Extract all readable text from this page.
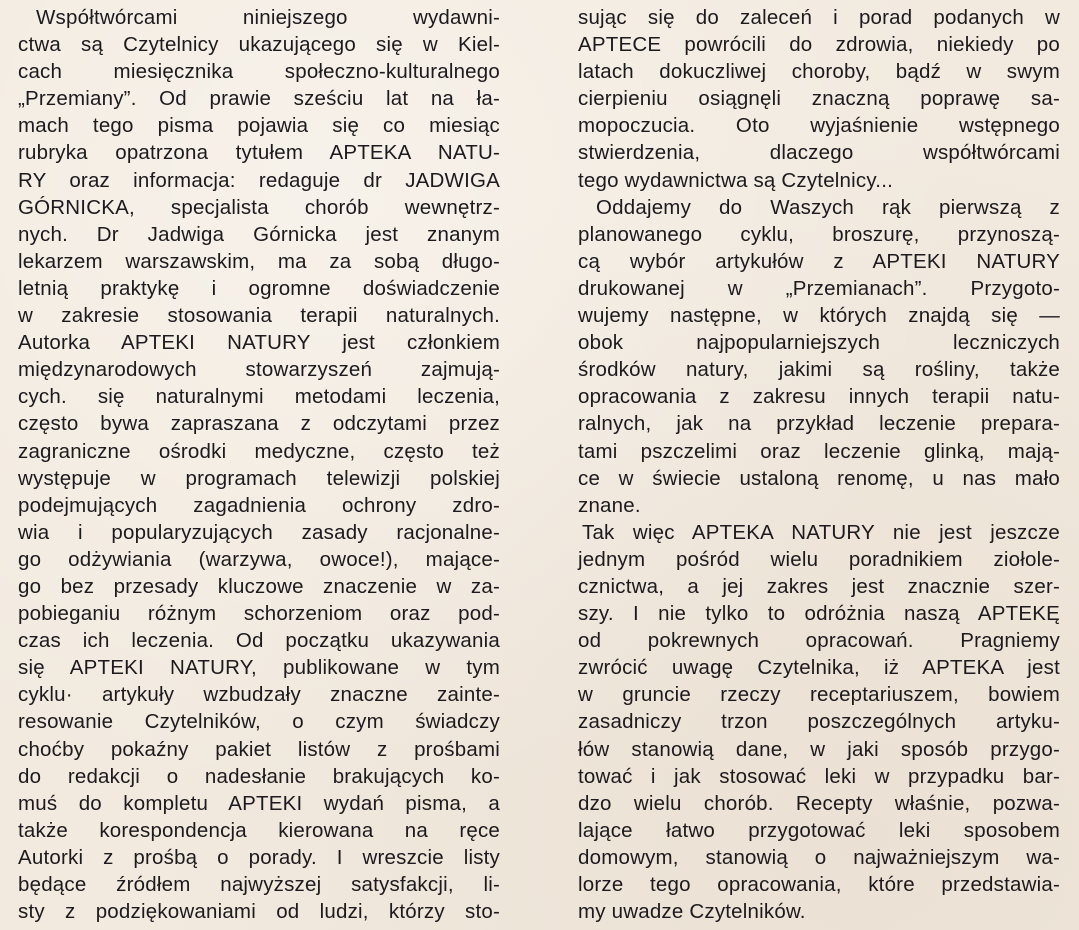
Współtwórcami niniejszego wydawni-
ctwa są Czytelnicy ukazującego się w Kiel-
cach miesięcznika społeczno-kulturalnego
„Przemiany”. Od prawie sześciu lat na ła-
mach tego pisma pojawia się co miesiąc
rubryka opatrzona tytułem APTEKA NATU-
RY oraz informacja: redaguje dr JADWIGA
GÓRNICKA, specjalista chorób wewnętrz-
nych. Dr Jadwiga Górnicka jest znanym
lekarzem warszawskim, ma za sobą długo-
letnią praktykę i ogromne doświadczenie
w zakresie stosowania terapii naturalnych.
Autorka APTEKI NATURY jest członkiem
międzynarodowych stowarzyszeń zajmują-
cych. się naturalnymi metodami leczenia,
często bywa zapraszana z odczytami przez
zagraniczne ośrodki medyczne, często też
występuje w programach telewizji polskiej
podejmujących zagadnienia ochrony zdro-
wia i popularyzujących zasady racjonalne-
go odżywiania (warzywa, owoce!), mające-
go bez przesady kluczowe znaczenie w za-
pobieganiu różnym schorzeniom oraz pod-
czas ich leczenia. Od początku ukazywania
się APTEKI NATURY, publikowane w tym
cyklu· artykuły wzbudzały znaczne zainte-
resowanie Czytelników, o czym świadczy
choćby pokaźny pakiet listów z prośbami
do redakcji o nadesłanie brakujących ko-
muś do kompletu APTEKI wydań pisma, a
także korespondencja kierowana na ręce
Autorki z prośbą o porady. I wreszcie listy
będące źródłem najwyższej satysfakcji, li-
sty z podziękowaniami od ludzi, którzy sto-
sując się do zaleceń i porad podanych w
APTECE powrócili do zdrowia, niekiedy po
latach dokuczliwej choroby, bądź w swym
cierpieniu osiągnęli znaczną poprawę sa-
mopoczucia. Oto wyjaśnienie wstępnego
stwierdzenia, dlaczego współtwórcami
tego wydawnictwa są Czytelnicy...
Oddajemy do Waszych rąk pierwszą z
planowanego cyklu, broszurę, przynoszą-
cą wybór artykułów z APTEKI NATURY
drukowanej w „Przemianach”. Przygoto-
wujemy następne, w których znajdą się —
obok najpopularniejszych leczniczych
środków natury, jakimi są rośliny, także
opracowania z zakresu innych terapii natu-
ralnych, jak na przykład leczenie prepara-
tami pszczelimi oraz leczenie glinką, mają-
ce w świecie ustaloną renomę, u nas mało
znane.
Tak więc APTEKA NATURY nie jest jeszcze
jednym pośród wielu poradnikiem ziołole-
cznictwa, a jej zakres jest znacznie szer-
szy. I nie tylko to odróżnia naszą APTEKĘ
od pokrewnych opracowań. Pragniemy
zwrócić uwagę Czytelnika, iż APTEKA jest
w gruncie rzeczy receptariuszem, bowiem
zasadniczy trzon poszczególnych artyku-
łów stanowią dane, w jaki sposób przygo-
tować i jak stosować leki w przypadku bar-
dzo wielu chorób. Recepty właśnie, pozwa-
lające łatwo przygotować leki sposobem
domowym, stanowią o najważniejszym wa-
lorze tego opracowania, które przedstawia-
my uwadze Czytelników.
